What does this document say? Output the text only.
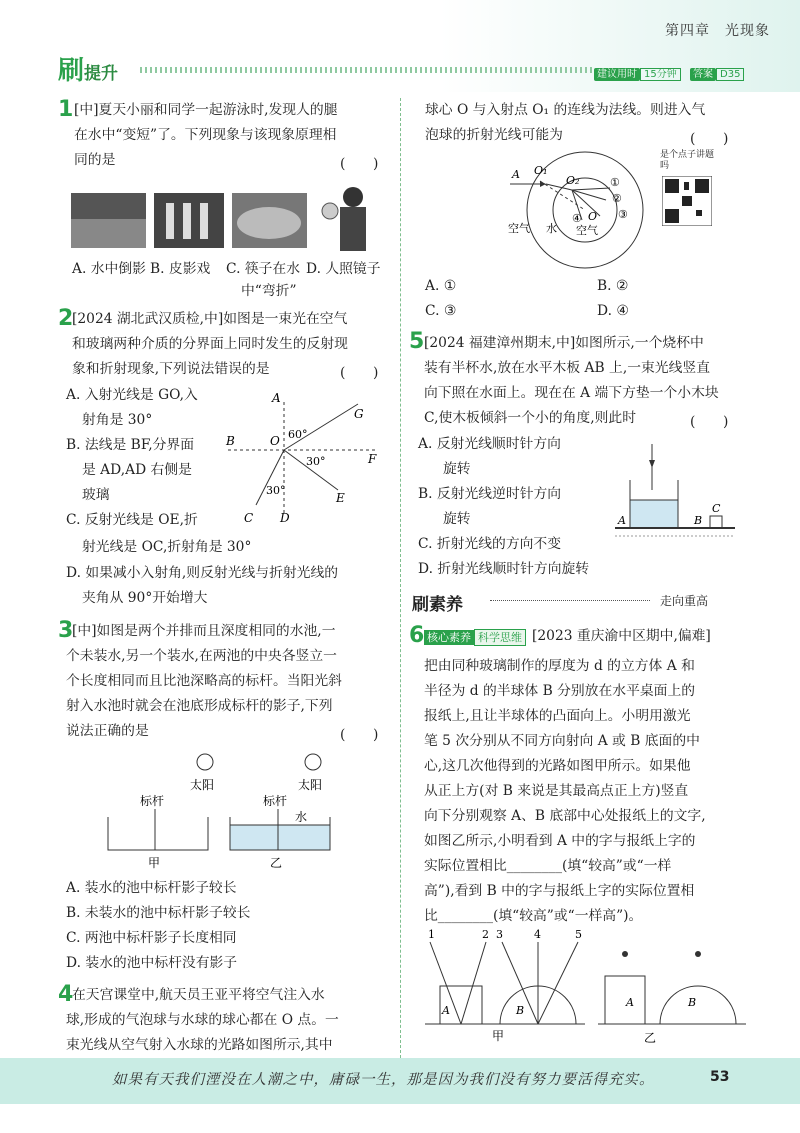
第四章　光现象
刷提升	建议用时 15分钟	答案 D35
1 [中]夏天小丽和同学一起游泳时,发现人的腿
在水中“变短”了。下列现象与该现象原理相
同的是	(　　)
A. 水中倒影 B. 皮影戏 C. 筷子在水
中“弯折”
D. 人照镜子
2
[2024 湖北武汉质检,中]如图是一束光在空气
和玻璃两种介质的分界面上同时发生的反射现
象和折射现象,下列说法错误的是	(　　)
A. 入射光线是 GO,入
射角是 30°
B. 法线是 BF,分界面
是 AD,AD 右侧是
玻璃
C. 反射光线是 OE,折
射光线是 OC,折射角是 30°
D. 如果减小入射角,则反射光线与折射光线的
夹角从 90°开始增大
A
B
C D
E
F
G
O 60°
30°
30°
3
[中]如图是两个并排而且深度相同的水池,一
个未装水,另一个装水,在两池的中央各竖立一
个长度相同而且比池深略高的标杆。当阳光斜
射入水池时就会在池底形成标杆的影子,下列
说法正确的是	(　　)
太阳	太阳
标杆	标杆
水
甲	乙
A. 装水的池中标杆影子较长
B. 未装水的池中标杆影子较长
C. 两池中标杆影子长度相同
D. 装水的池中标杆没有影子
4
在天宫课堂中,航天员王亚平将空气注入水
球,形成的气泡球与水球的球心都在 O 点。一
束光线从空气射入水球的光路如图所示,其中
球心 O 与入射点 O₁ 的连线为法线。则进入气
泡球的折射光线可能为	(　　)
A O₁
O₂
O
①
②
③
④
空气 水 空气
是个点子讲题吗
A. ①	B. ②
C. ③	D. ④
5 [2024 福建漳州期末,中]如图所示,一个烧杯中
装有半杯水,放在水平木板 AB 上,一束光线竖直
向下照在水面上。现在在 A 端下方垫一个小木块
C,使木板倾斜一个小的角度,则此时	(　　)
A. 反射光线顺时针方向
旋转
B. 反射光线逆时针方向
旋转
C. 折射光线的方向不变
D. 折射光线顺时针方向旋转
A	B
C
刷素养	走向重高
6 核心素养 科学思维 [2023 重庆渝中区期中,偏难]
把由同种玻璃制作的厚度为 d 的立方体 A 和
半径为 d 的半球体 B 分别放在水平桌面上的
报纸上,且让半球体的凸面向上。小明用激光
笔 5 次分别从不同方向射向 A 或 B 底面的中
心,这几次他得到的光路如图甲所示。如果他
从正上方(对 B 来说是其最高点正上方)竖直
向下分别观察 A、B 底部中心处报纸上的文字,
如图乙所示,小明看到 A 中的字与报纸上字的
实际位置相比________(填“较高”或“一样
高”),看到 B 中的字与报纸上字的实际位置相
比________(填“较高”或“一样高”)。
1	2 3	4	5
A	B
甲
A	B
乙
如果有天我们湮没在人潮之中，庸碌一生，那是因为我们没有努力要活得充实。	53
